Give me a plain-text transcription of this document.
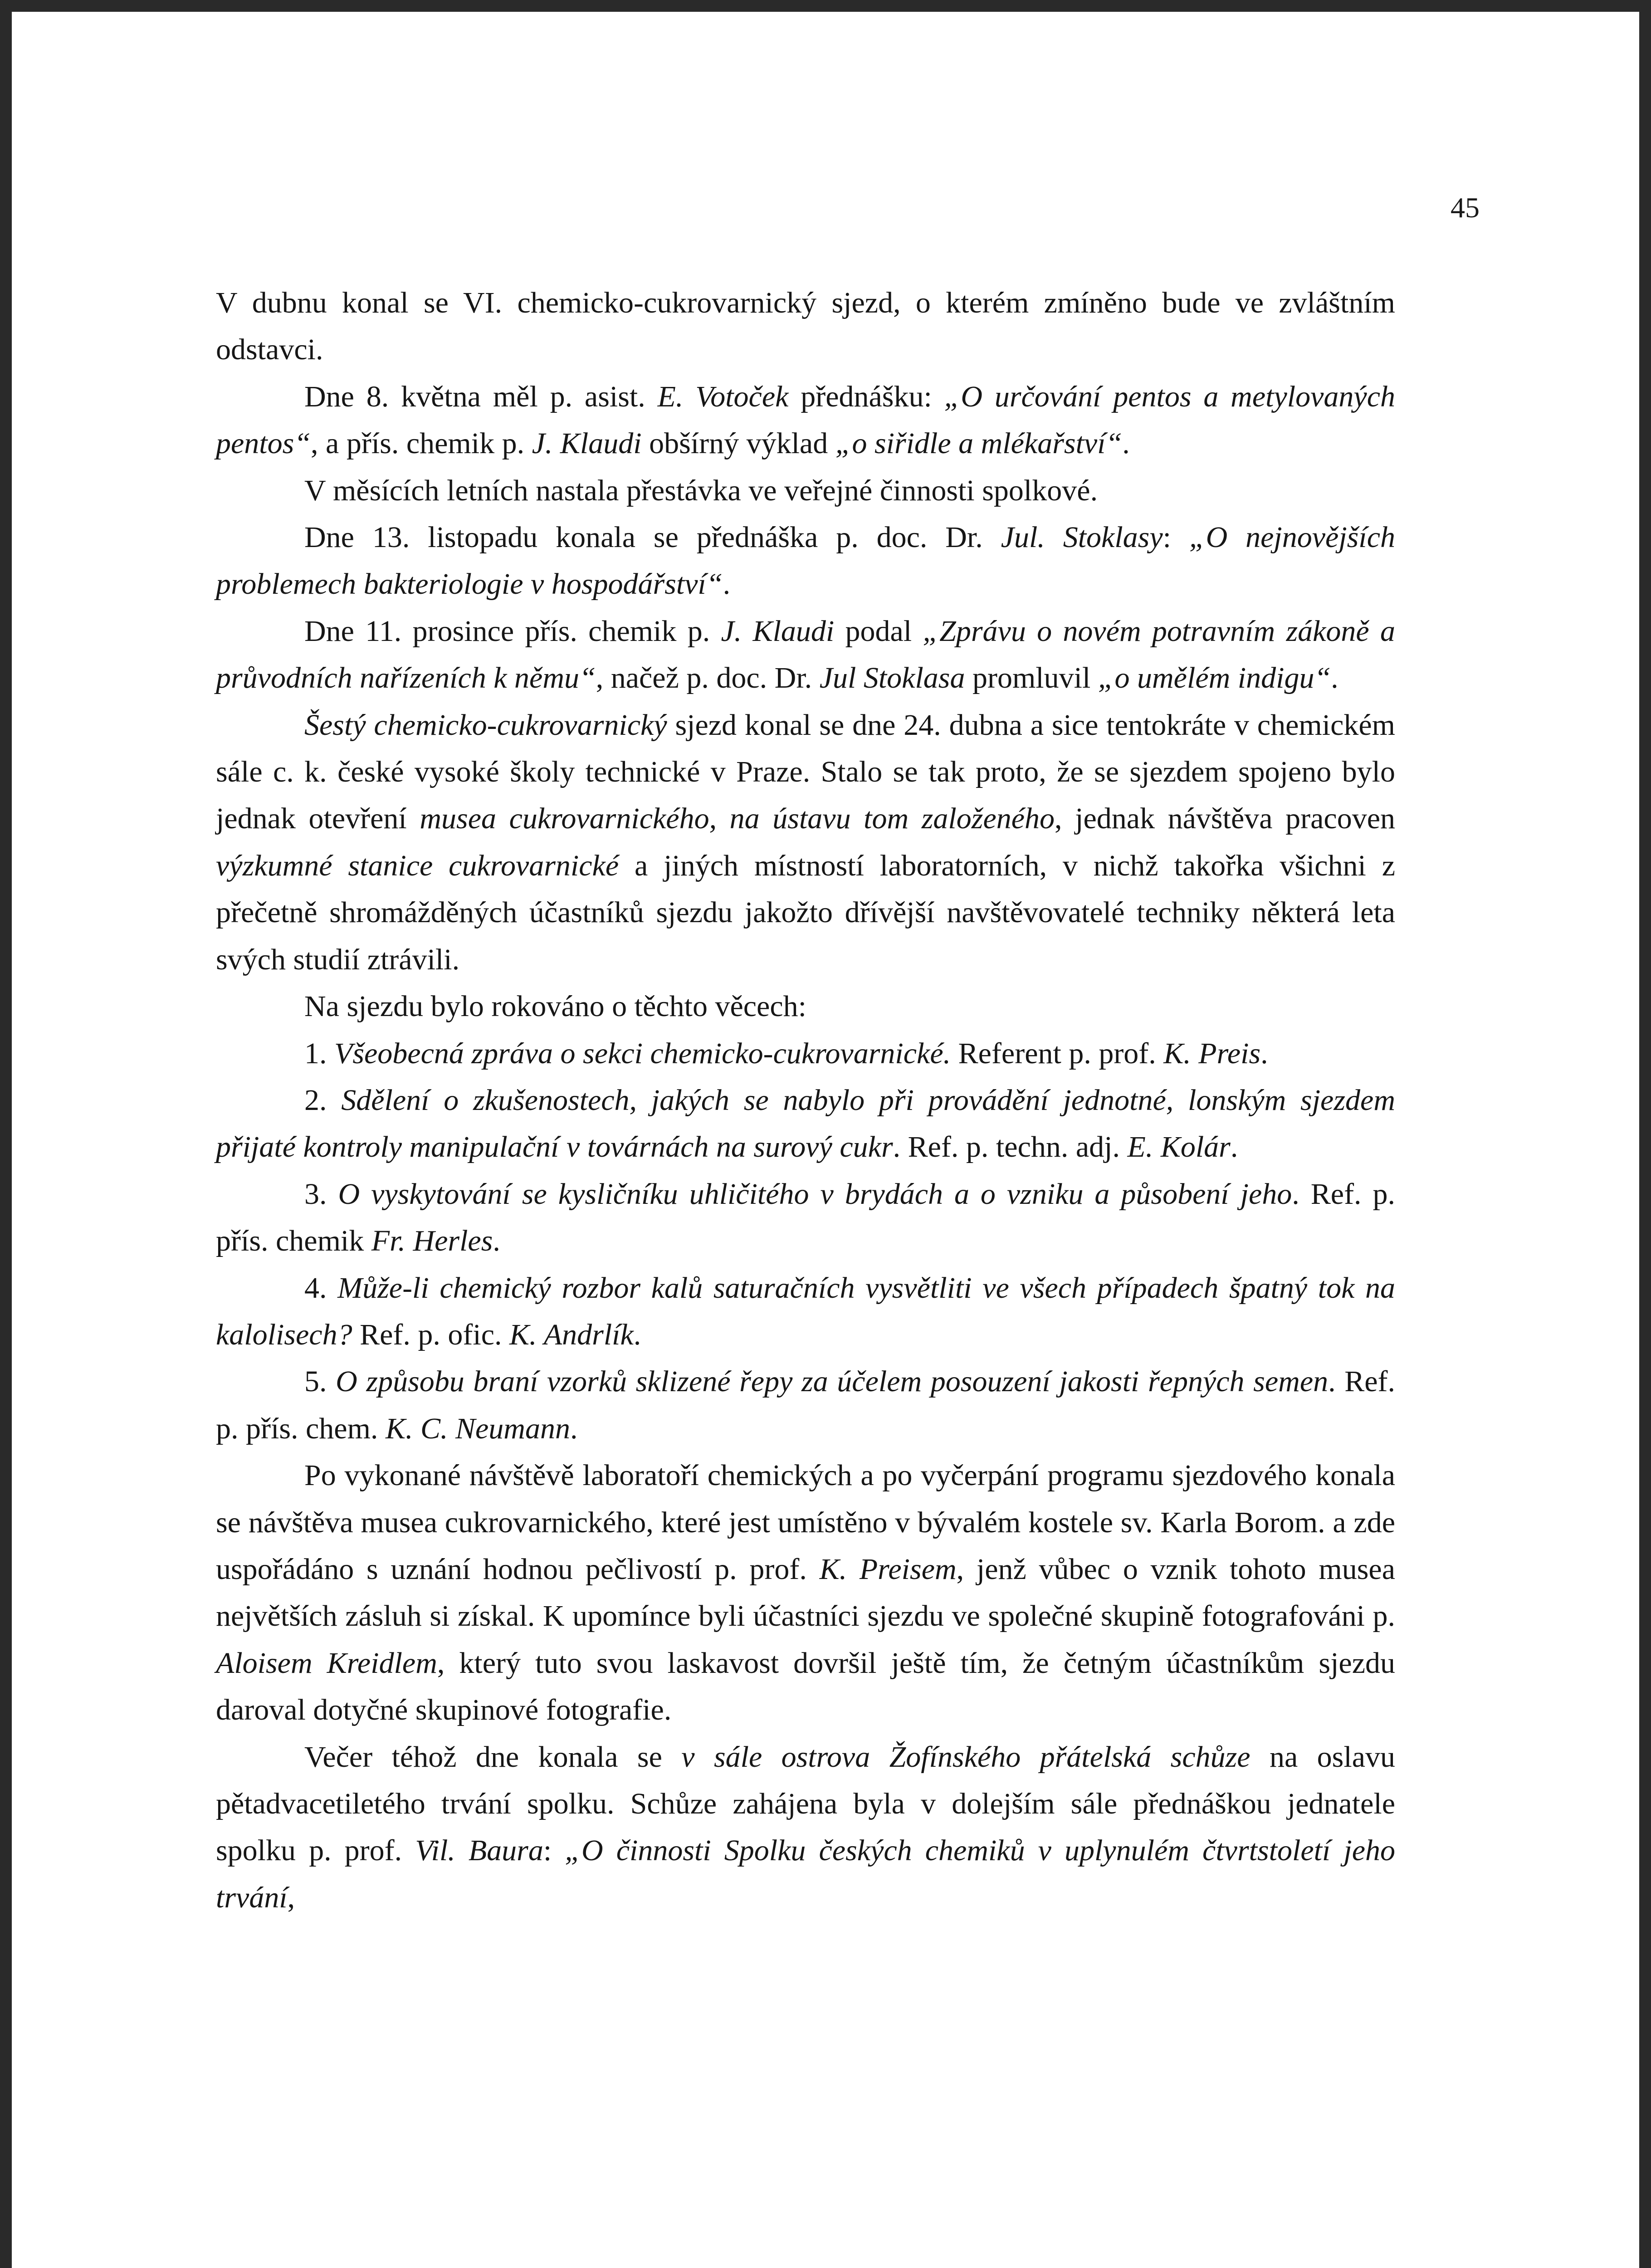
45

V dubnu konal se VI. chemicko-cukrovarnický sjezd, o kterém zmíněno bude ve zvláštním odstavci.

Dne 8. května měl p. asist. E. Votoček přednášku: „O určování pentos a metylovaných pentos“, a přís. chemik p. J. Klaudi obšírný výklad „o siřidle a mlékařství“.

V měsících letních nastala přestávka ve veřejné činnosti spolkové.

Dne 13. listopadu konala se přednáška p. doc. Dr. Jul. Stoklasy: „O nejnovějších problemech bakteriologie v hospodářství“.

Dne 11. prosince přís. chemik p. J. Klaudi podal „Zprávu o novém potravním zákoně a průvodních nařízeních k němu“, načež p. doc. Dr. Jul Stoklasa promluvil „o umělém indigu“.

Šestý chemicko-cukrovarnický sjezd konal se dne 24. dubna a sice tentokráte v chemickém sále c. k. české vysoké školy technické v Praze. Stalo se tak proto, že se sjezdem spojeno bylo jednak otevření musea cukrovarnického, na ústavu tom založeného, jednak návštěva pracoven výzkumné stanice cukrovarnické a jiných místností laboratorních, v nichž takořka všichni z přečetně shromážděných účastníků sjezdu jakožto dřívější navštěvovatelé techniky některá leta svých studií ztrávili.

Na sjezdu bylo rokováno o těchto věcech:

1. Všeobecná zpráva o sekci chemicko-cukrovarnické. Referent p. prof. K. Preis.

2. Sdělení o zkušenostech, jakých se nabylo při provádění jednotné, lonským sjezdem přijaté kontroly manipulační v továrnách na surový cukr. Ref. p. techn. adj. E. Kolár.

3. O vyskytování se kysličníku uhličitého v brydách a o vzniku a působení jeho. Ref. p. přís. chemik Fr. Herles.

4. Může-li chemický rozbor kalů saturačních vysvětliti ve všech případech špatný tok na kalolisech? Ref. p. ofic. K. Andrlík.

5. O způsobu braní vzorků sklizené řepy za účelem posouzení jakosti řepných semen. Ref. p. přís. chem. K. C. Neumann.

Po vykonané návštěvě laboratoří chemických a po vyčerpání programu sjezdového konala se návštěva musea cukrovarnického, které jest umístěno v bývalém kostele sv. Karla Borom. a zde uspořádáno s uznání hodnou pečlivostí p. prof. K. Preisem, jenž vůbec o vznik tohoto musea největších zásluh si získal. K upomínce byli účastníci sjezdu ve společné skupině fotografováni p. Aloisem Kreidlem, který tuto svou laskavost dovršil ještě tím, že četným účastníkům sjezdu daroval dotyčné skupinové fotografie.

Večer téhož dne konala se v sále ostrova Žofínského přátelská schůze na oslavu pětadvacetiletého trvání spolku. Schůze zahájena byla v dolejším sále přednáškou jednatele spolku p. prof. Vil. Baura: „O činnosti Spolku českých chemiků v uplynulém čtvrtstoletí jeho trvání,
